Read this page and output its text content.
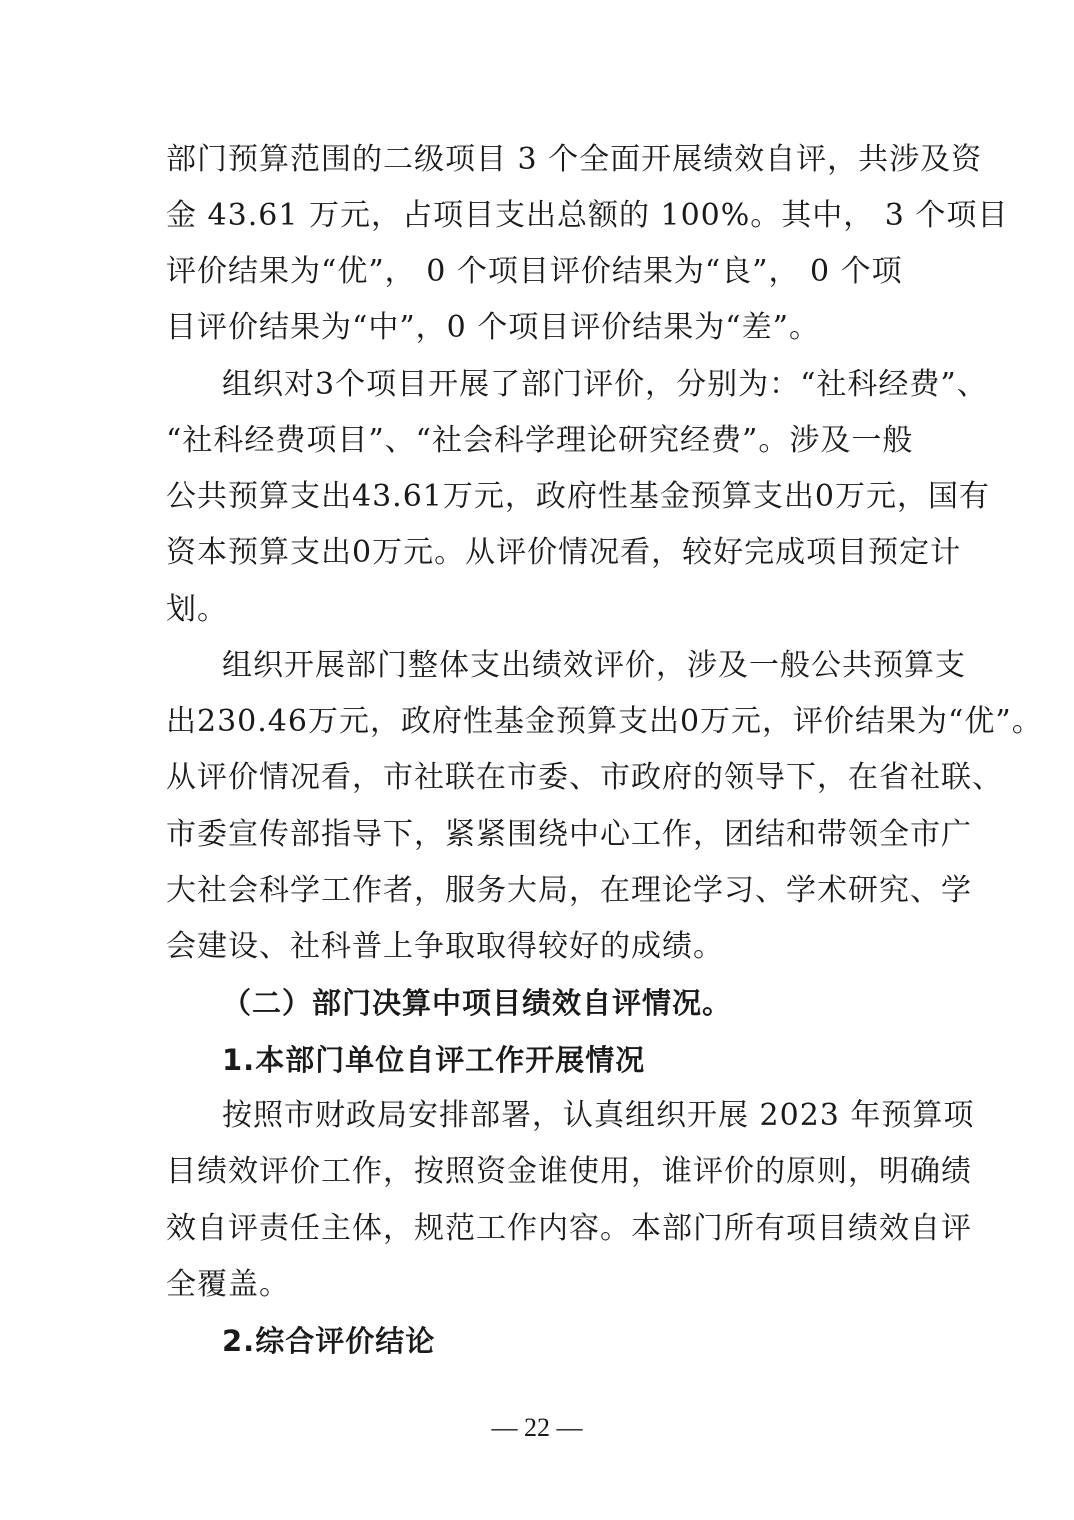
部门预算范围的二级项目 3 个全面开展绩效自评，共涉及资
金 43.61 万元，占项目支出总额的 100%。其中， 3 个项目
评价结果为“优”， 0 个项目评价结果为“良”， 0 个项
目评价结果为“中”，0 个项目评价结果为“差”。
组织对3个项目开展了部门评价，分别为：“社科经费”、
“社科经费项目”、“社会科学理论研究经费”。涉及一般
公共预算支出43.61万元，政府性基金预算支出0万元，国有
资本预算支出0万元。从评价情况看，较好完成项目预定计
划。
组织开展部门整体支出绩效评价，涉及一般公共预算支
出230.46万元，政府性基金预算支出0万元，评价结果为“优”。
从评价情况看，市社联在市委、市政府的领导下，在省社联、
市委宣传部指导下，紧紧围绕中心工作，团结和带领全市广
大社会科学工作者，服务大局，在理论学习、学术研究、学
会建设、社科普上争取取得较好的成绩。
（二）部门决算中项目绩效自评情况。
1.本部门单位自评工作开展情况
按照市财政局安排部署，认真组织开展 2023 年预算项
目绩效评价工作，按照资金谁使用，谁评价的原则，明确绩
效自评责任主体，规范工作内容。本部门所有项目绩效自评
全覆盖。
2.综合评价结论
— 22 —
